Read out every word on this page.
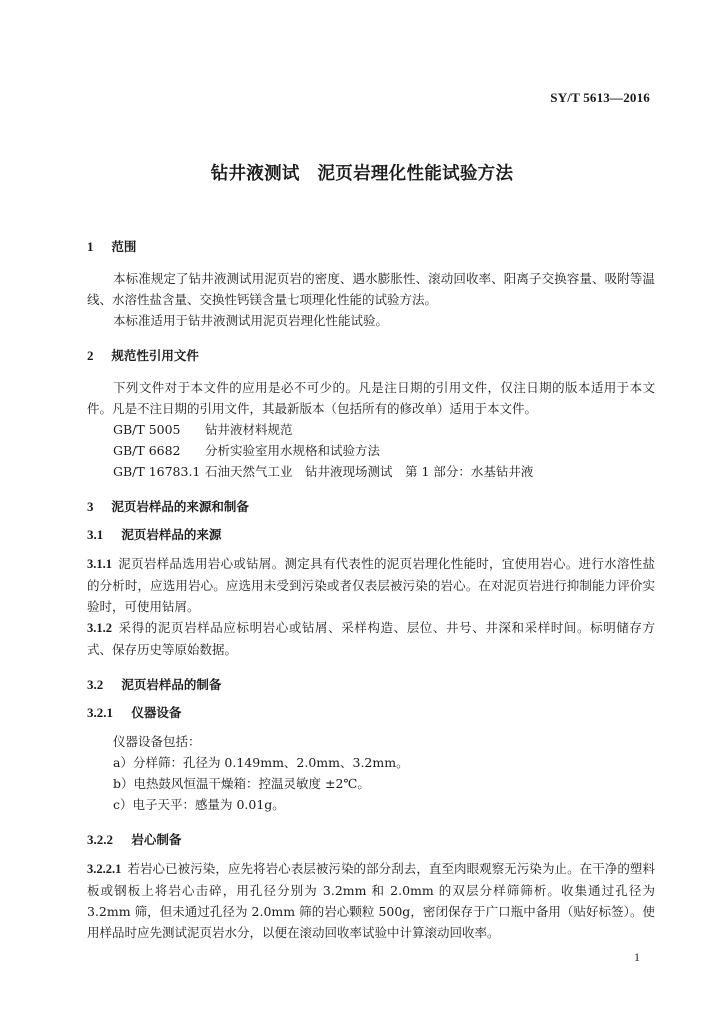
SY/T 5613—2016
钻井液测试　泥页岩理化性能试验方法
1 范围

本标准规定了钻井液测试用泥页岩的密度、遇水膨胀性、滚动回收率、阳离子交换容量、吸附等温线、水溶性盐含量、交换性钙镁含量七项理化性能的试验方法。

本标准适用于钻井液测试用泥页岩理化性能试验。

2 规范性引用文件

下列文件对于本文件的应用是必不可少的。凡是注日期的引用文件，仅注日期的版本适用于本文件。凡是不注日期的引用文件，其最新版本（包括所有的修改单）适用于本文件。

GB/T 5005 钻井液材料规范
GB/T 6682 分析实验室用水规格和试验方法
GB/T 16783.1 石油天然气工业　钻井液现场测试　第 1 部分：水基钻井液
3 泥页岩样品的来源和制备
3.1 泥页岩样品的来源

3.1.1 泥页岩样品选用岩心或钻屑。测定具有代表性的泥页岩理化性能时，宜使用岩心。进行水溶性盐的分析时，应选用岩心。应选用未受到污染或者仅表层被污染的岩心。在对泥页岩进行抑制能力评价实验时，可使用钻屑。

3.1.2 采得的泥页岩样品应标明岩心或钻屑、采样构造、层位、井号、井深和采样时间。标明储存方式、保存历史等原始数据。

3.2 泥页岩样品的制备
3.2.1 仪器设备
仪器设备包括：
a）分样筛：孔径为 0.149mm、2.0mm、3.2mm。
b）电热鼓风恒温干燥箱：控温灵敏度 ±2℃。
c）电子天平：感量为 0.01g。
3.2.2 岩心制备

3.2.2.1 若岩心已被污染，应先将岩心表层被污染的部分刮去，直至肉眼观察无污染为止。在干净的塑料板或钢板上将岩心击碎，用孔径分别为 3.2mm 和 2.0mm 的双层分样筛筛析。收集通过孔径为 3.2mm 筛，但未通过孔径为 2.0mm 筛的岩心颗粒 500g，密闭保存于广口瓶中备用（贴好标签）。使用样品时应先测试泥页岩水分，以便在滚动回收率试验中计算滚动回收率。

1
